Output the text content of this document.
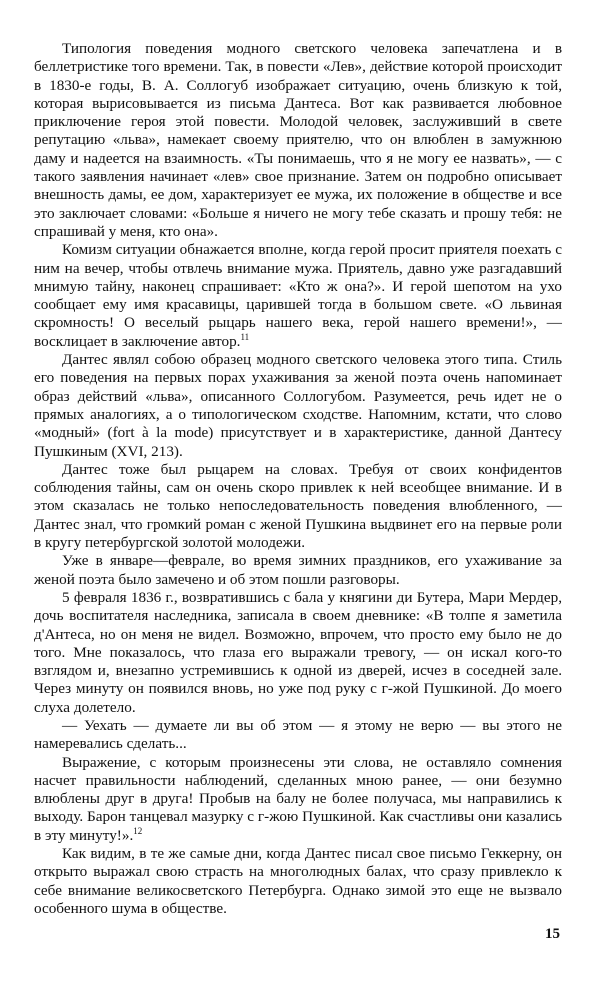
Типология поведения модного светского человека запечатлена и в беллетристике того времени. Так, в повести «Лев», действие которой происходит в 1830-е годы, В. А. Соллогуб изображает ситуацию, очень близкую к той, которая вырисовывается из письма Дантеса. Вот как развивается любовное приключение героя этой повести. Молодой человек, заслуживший в свете репутацию «льва», намекает своему приятелю, что он влюблен в замужнюю даму и надеется на взаимность. «Ты понимаешь, что я не могу ее назвать», — с такого заявления начинает «лев» свое признание. Затем он подробно описывает внешность дамы, ее дом, характеризует ее мужа, их положение в обществе и все это заключает словами: «Больше я ничего не могу тебе сказать и прошу тебя: не спрашивай у меня, кто она».

Комизм ситуации обнажается вполне, когда герой просит приятеля поехать с ним на вечер, чтобы отвлечь внимание мужа. Приятель, давно уже разгадавший мнимую тайну, наконец спрашивает: «Кто ж она?». И герой шепотом на ухо сообщает ему имя красавицы, царившей тогда в большом свете. «О львиная скромность! О веселый рыцарь нашего века, герой нашего времени!», — восклицает в заключение автор.$^{11}$

Дантес являл собою образец модного светского человека этого типа. Стиль его поведения на первых порах ухаживания за женой поэта очень напоминает образ действий «льва», описанного Соллогубом. Разумеется, речь идет не о прямых аналогиях, а о типологическом сходстве. Напомним, кстати, что слово «модный» (fort à la mode) присутствует и в характеристике, данной Дантесу Пушкиным (XVI, 213).

Дантес тоже был рыцарем на словах. Требуя от своих конфидентов соблюдения тайны, сам он очень скоро привлек к ней всеобщее внимание. И в этом сказалась не только непоследовательность поведения влюбленного, — Дантес знал, что громкий роман с женой Пушкина выдвинет его на первые роли в кругу петербургской золотой молодежи.

Уже в январе—феврале, во время зимних праздников, его ухаживание за женой поэта было замечено и об этом пошли разговоры.

5 февраля 1836 г., возвратившись с бала у княгини ди Бутера, Мари Мердер, дочь воспитателя наследника, записала в своем дневнике: «В толпе я заметила д'Антеса, но он меня не видел. Возможно, впрочем, что просто ему было не до того. Мне показалось, что глаза его выражали тревогу, — он искал кого-то взглядом и, внезапно устремившись к одной из дверей, исчез в соседней зале. Через минуту он появился вновь, но уже под руку с г-жой Пушкиной. До моего слуха долетело.

— Уехать — думаете ли вы об этом — я этому не верю — вы этого не намеревались сделать...

Выражение, с которым произнесены эти слова, не оставляло сомнения насчет правильности наблюдений, сделанных мною ранее, — они безумно влюблены друг в друга! Пробыв на балу не более получаса, мы направились к выходу. Барон танцевал мазурку с г-жою Пушкиной. Как счастливы они казались в эту минуту!».$^{12}$

Как видим, в те же самые дни, когда Дантес писал свое письмо Геккерну, он открыто выражал свою страсть на многолюдных балах, что сразу привлекло к себе внимание великосветского Петербурга. Однако зимой это еще не вызвало особенного шума в обществе.

15
